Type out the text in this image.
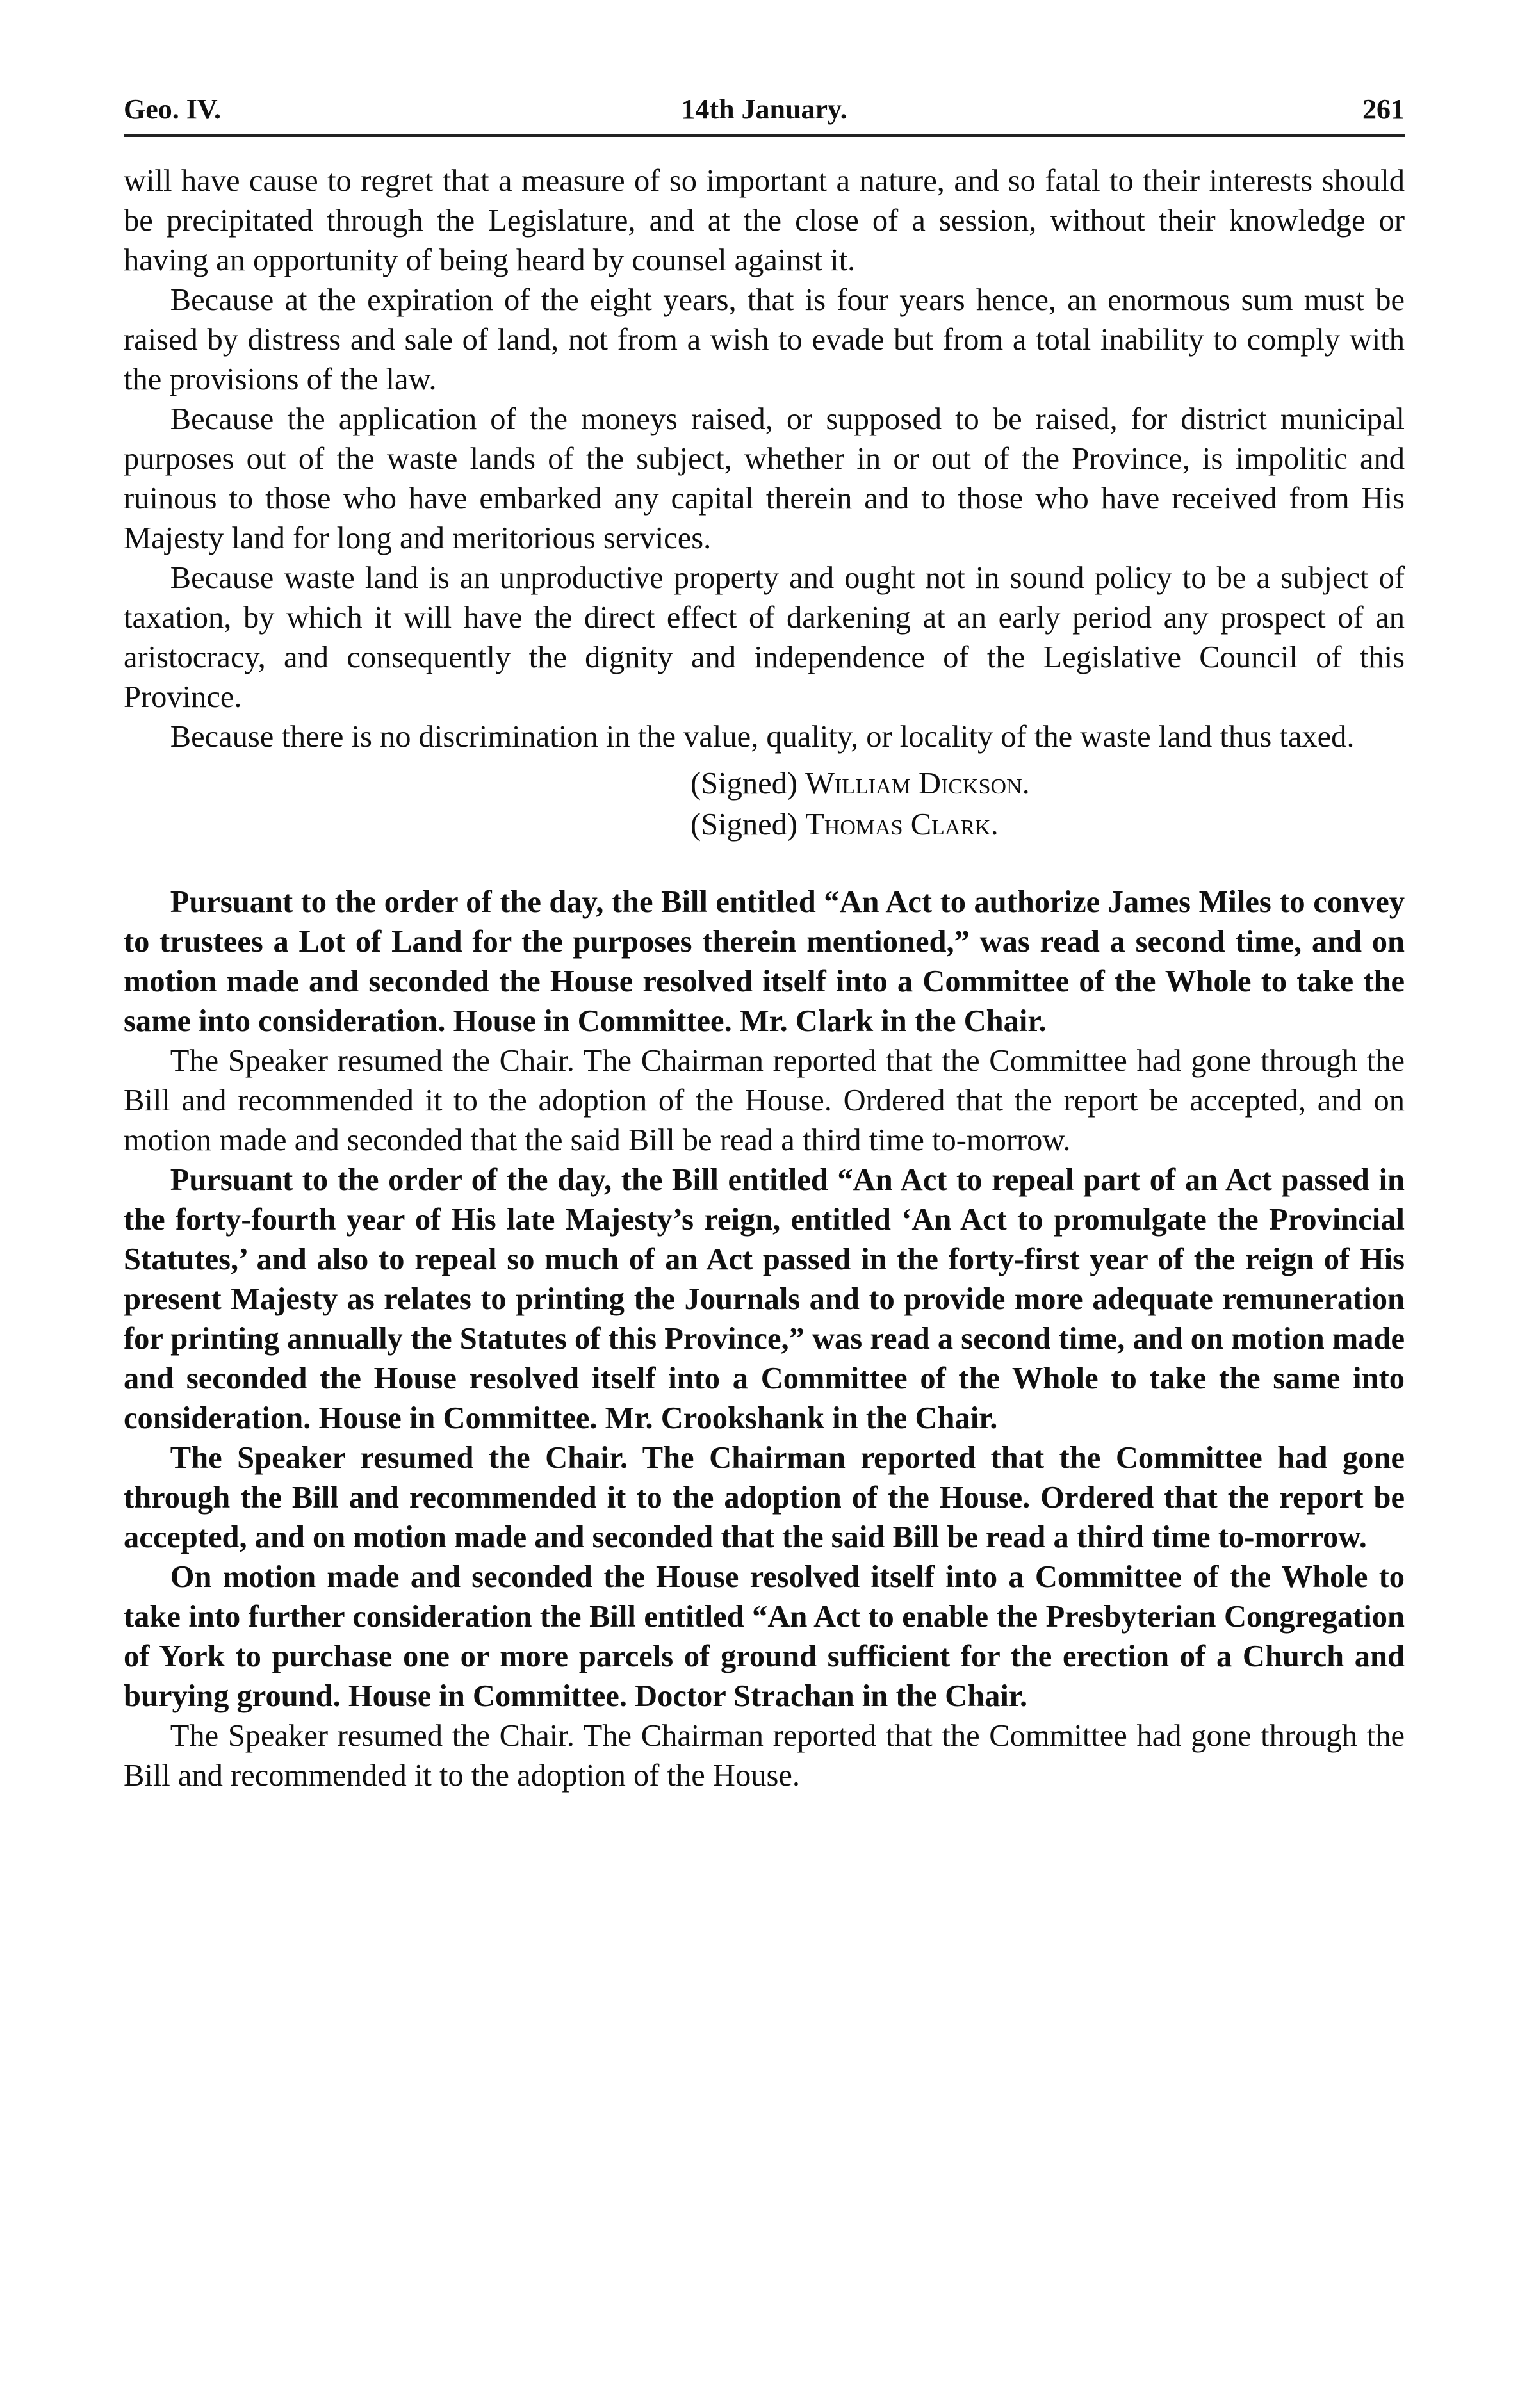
Geo. IV.	14th January.	261

will have cause to regret that a measure of so important a nature, and so fatal to their interests should be precipitated through the Legislature, and at the close of a session, without their knowledge or having an opportunity of being heard by counsel against it.

Because at the expiration of the eight years, that is four years hence, an enormous sum must be raised by distress and sale of land, not from a wish to evade but from a total inability to comply with the provisions of the law.

Because the application of the moneys raised, or supposed to be raised, for district municipal purposes out of the waste lands of the subject, whether in or out of the Province, is impolitic and ruinous to those who have embarked any capital therein and to those who have received from His Majesty land for long and meritorious services.

Because waste land is an unproductive property and ought not in sound policy to be a subject of taxation, by which it will have the direct effect of darkening at an early period any prospect of an aristocracy, and consequently the dignity and independence of the Legislative Council of this Province.

Because there is no discrimination in the value, quality, or locality of the waste land thus taxed.

(Signed) William Dickson.
(Signed) Thomas Clark.

Pursuant to the order of the day, the Bill entitled “An Act to authorize James Miles to convey to trustees a Lot of Land for the purposes therein mentioned,” was read a second time, and on motion made and seconded the House resolved itself into a Committee of the Whole to take the same into consideration. House in Committee. Mr. Clark in the Chair.

The Speaker resumed the Chair. The Chairman reported that the Committee had gone through the Bill and recommended it to the adoption of the House. Ordered that the report be accepted, and on motion made and seconded that the said Bill be read a third time to-morrow.

Pursuant to the order of the day, the Bill entitled “An Act to repeal part of an Act passed in the forty-fourth year of His late Majesty’s reign, entitled ‘An Act to promulgate the Provincial Statutes,’ and also to repeal so much of an Act passed in the forty-first year of the reign of His present Majesty as relates to printing the Journals and to provide more adequate remuneration for printing annually the Statutes of this Province,” was read a second time, and on motion made and seconded the House resolved itself into a Committee of the Whole to take the same into consideration. House in Committee. Mr. Crookshank in the Chair.

The Speaker resumed the Chair. The Chairman reported that the Committee had gone through the Bill and recommended it to the adoption of the House. Ordered that the report be accepted, and on motion made and seconded that the said Bill be read a third time to-morrow.

On motion made and seconded the House resolved itself into a Committee of the Whole to take into further consideration the Bill entitled “An Act to enable the Presbyterian Congregation of York to purchase one or more parcels of ground sufficient for the erection of a Church and burying ground. House in Committee. Doctor Strachan in the Chair.

The Speaker resumed the Chair. The Chairman reported that the Committee had gone through the Bill and recommended it to the adoption of the House.
